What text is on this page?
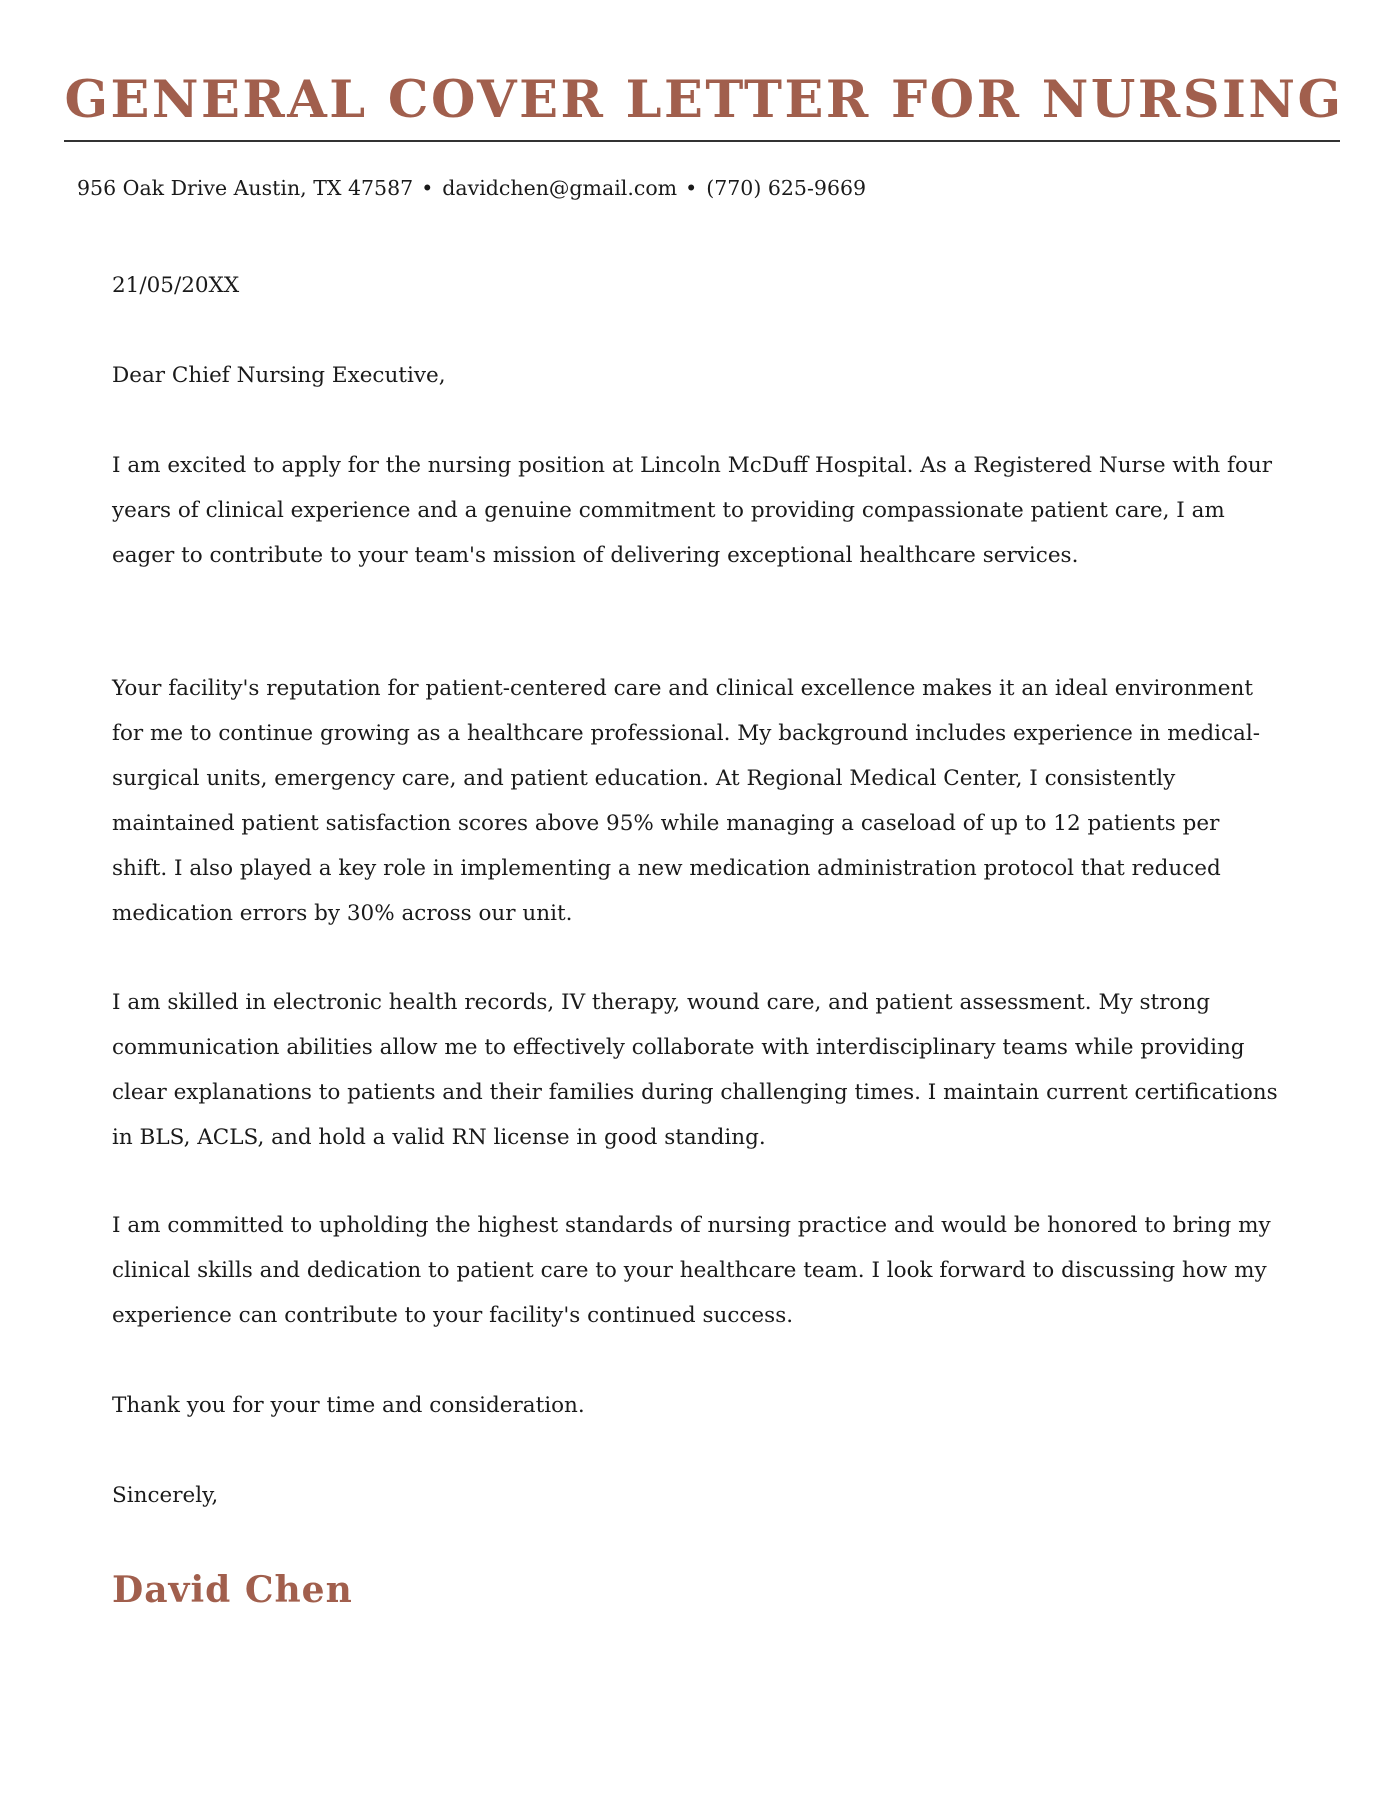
GENERAL COVER LETTER FOR NURSING
956 Oak Drive Austin, TX 47587 • davidchen@gmail.com • (770) 625-9669

21/05/20XX

Dear Chief Nursing Executive,

I am excited to apply for the nursing position at Lincoln McDuff Hospital. As a Registered Nurse with four years of clinical experience and a genuine commitment to providing compassionate patient care, I am eager to contribute to your team's mission of delivering exceptional healthcare services.

Your facility's reputation for patient-centered care and clinical excellence makes it an ideal environment for me to continue growing as a healthcare professional. My background includes experience in medical-surgical units, emergency care, and patient education. At Regional Medical Center, I consistently maintained patient satisfaction scores above 95% while managing a caseload of up to 12 patients per shift. I also played a key role in implementing a new medication administration protocol that reduced medication errors by 30% across our unit.

I am skilled in electronic health records, IV therapy, wound care, and patient assessment. My strong communication abilities allow me to effectively collaborate with interdisciplinary teams while providing clear explanations to patients and their families during challenging times. I maintain current certifications in BLS, ACLS, and hold a valid RN license in good standing.

I am committed to upholding the highest standards of nursing practice and would be honored to bring my clinical skills and dedication to patient care to your healthcare team. I look forward to discussing how my experience can contribute to your facility's continued success.

Thank you for your time and consideration.

Sincerely,

David Chen
